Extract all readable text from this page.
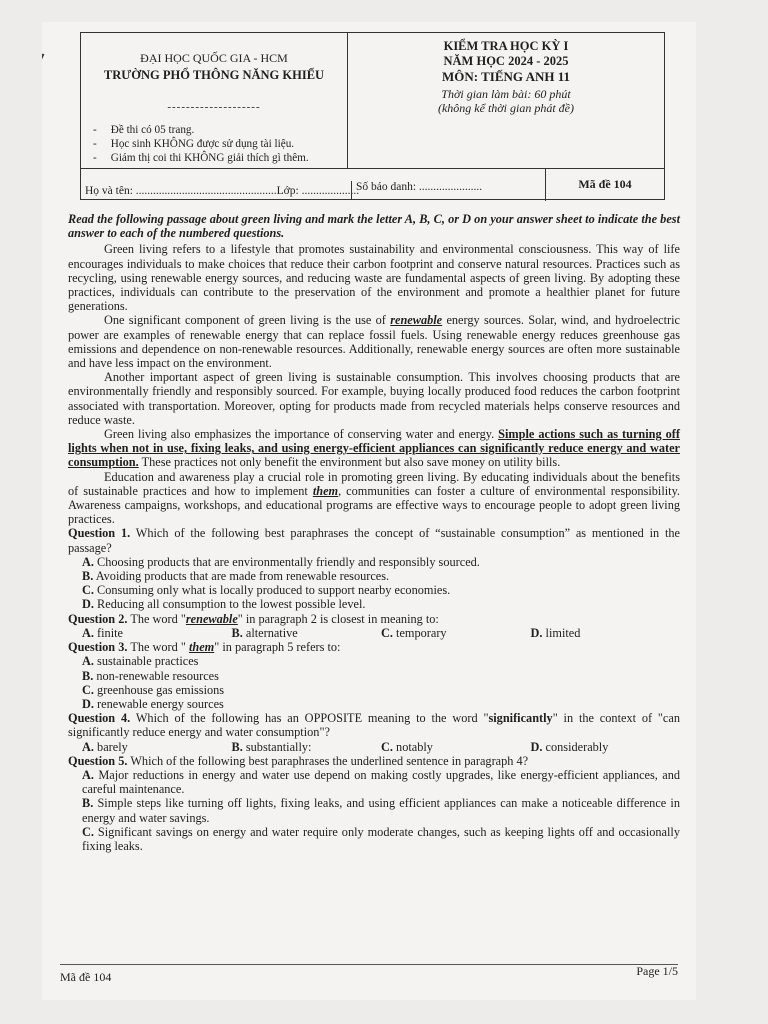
ĐẠI HỌC QUỐC GIA - HCM
TRƯỜNG PHỔ THÔNG NĂNG KHIẾU
--------------------
- Đề thi có 05 trang.
- Học sinh KHÔNG được sử dụng tài liệu.
- Giám thị coi thi KHÔNG giải thích gì thêm.
KIỂM TRA HỌC KỲ I
NĂM HỌC 2024 - 2025
MÔN: TIẾNG ANH 11
Thời gian làm bài: 60 phút
(không kể thời gian phát đề)
Họ và tên: .................................................Lớp: ....................
Số báo danh: ......................	Mã đề 104

Read the following passage about green living and mark the letter A, B, C, or D on your answer sheet to indicate the best answer to each of the numbered questions.

Green living refers to a lifestyle that promotes sustainability and environmental consciousness. This way of life encourages individuals to make choices that reduce their carbon footprint and conserve natural resources. Practices such as recycling, using renewable energy sources, and reducing waste are fundamental aspects of green living. By adopting these practices, individuals can contribute to the preservation of the environment and promote a healthier planet for future generations.

One significant component of green living is the use of renewable energy sources. Solar, wind, and hydroelectric power are examples of renewable energy that can replace fossil fuels. Using renewable energy reduces greenhouse gas emissions and dependence on non-renewable resources. Additionally, renewable energy sources are often more sustainable and have less impact on the environment.

Another important aspect of green living is sustainable consumption. This involves choosing products that are environmentally friendly and responsibly sourced. For example, buying locally produced food reduces the carbon footprint associated with transportation. Moreover, opting for products made from recycled materials helps conserve resources and reduce waste.

Green living also emphasizes the importance of conserving water and energy. Simple actions such as turning off lights when not in use, fixing leaks, and using energy-efficient appliances can significantly reduce energy and water consumption. These practices not only benefit the environment but also save money on utility bills.

Education and awareness play a crucial role in promoting green living. By educating individuals about the benefits of sustainable practices and how to implement them, communities can foster a culture of environmental responsibility. Awareness campaigns, workshops, and educational programs are effective ways to encourage people to adopt green living practices.

Question 1. Which of the following best paraphrases the concept of “sustainable consumption” as mentioned in the passage?

A. Choosing products that are environmentally friendly and responsibly sourced.

B. Avoiding products that are made from renewable resources.

C. Consuming only what is locally produced to support nearby economies.

D. Reducing all consumption to the lowest possible level.

Question 2. The word "renewable" in paragraph 2 is closest in meaning to:

A. finite	B. alternative	C. temporary	D. limited

Question 3. The word " them" in paragraph 5 refers to:

A. sustainable practices
B. non-renewable resources
C. greenhouse gas emissions
D. renewable energy sources

Question 4. Which of the following has an OPPOSITE meaning to the word "significantly" in the context of "can significantly reduce energy and water consumption"?

A. barely	B. substantially:	C. notably	D. considerably

Question 5. Which of the following best paraphrases the underlined sentence in paragraph 4?

A. Major reductions in energy and water use depend on making costly upgrades, like energy-efficient appliances, and careful maintenance.

B. Simple steps like turning off lights, fixing leaks, and using efficient appliances can make a noticeable difference in energy and water savings.

C. Significant savings on energy and water require only moderate changes, such as keeping lights off and occasionally fixing leaks.

Mã đề 104	Page 1/5
